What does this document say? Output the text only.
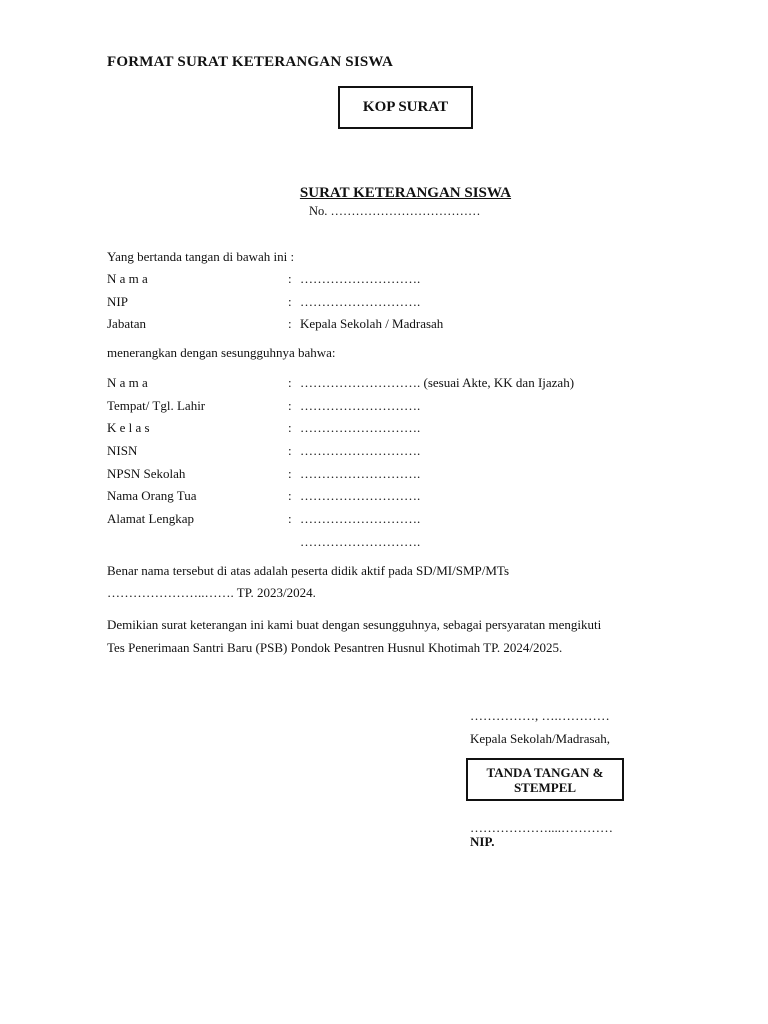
FORMAT SURAT KETERANGAN SISWA
KOP SURAT
SURAT KETERANGAN SISWA
No. ………………………………
Yang bertanda tangan di bawah ini :
N a m a	: ……………………….
NIP	: ……………………….
Jabatan	: Kepala Sekolah / Madrasah
menerangkan dengan sesungguhnya bahwa:
N a m a	: ………………………. (sesuai Akte, KK dan Ijazah)
Tempat/ Tgl. Lahir	: ……………………….
K e l a s	: ……………………….
NISN	: ……………………….
NPSN Sekolah	: ……………………….
Nama Orang Tua	: ……………………….
Alamat Lengkap	: ……………………….
……………………….
Benar nama tersebut di atas adalah peserta didik aktif pada SD/MI/SMP/MTs
…………………..……. TP. 2023/2024.
Demikian surat keterangan ini kami buat dengan sesungguhnya, sebagai persyaratan mengikuti
Tes Penerimaan Santri Baru (PSB) Pondok Pesantren Husnul Khotimah TP. 2024/2025.
……………, ….…………
Kepala Sekolah/Madrasah,
TANDA TANGAN & STEMPEL
………………....…………
NIP.
